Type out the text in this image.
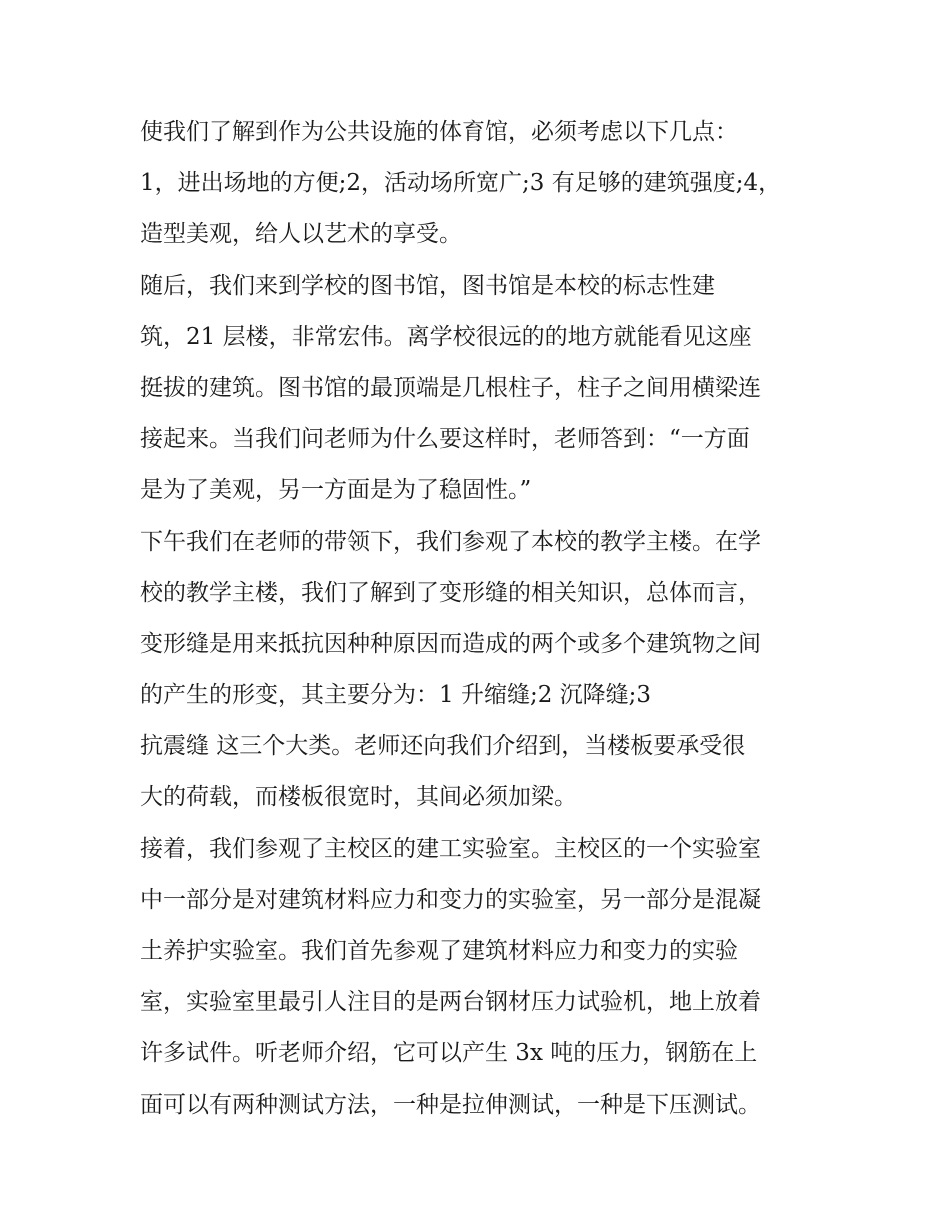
使我们了解到作为公共设施的体育馆，必须考虑以下几点：
1，进出场地的方便;2，活动场所宽广;3 有足够的建筑强度;4，
造型美观，给人以艺术的享受。
随后，我们来到学校的图书馆，图书馆是本校的标志性建
筑，21 层楼，非常宏伟。离学校很远的的地方就能看见这座
挺拔的建筑。图书馆的最顶端是几根柱子，柱子之间用横梁连
接起来。当我们问老师为什么要这样时，老师答到：“一方面
是为了美观，另一方面是为了稳固性。”
下午我们在老师的带领下，我们参观了本校的教学主楼。在学
校的教学主楼，我们了解到了变形缝的相关知识，总体而言，
变形缝是用来抵抗因种种原因而造成的两个或多个建筑物之间
的产生的形变，其主要分为：1 升缩缝;2 沉降缝;3
抗震缝 这三个大类。老师还向我们介绍到，当楼板要承受很
大的荷载，而楼板很宽时，其间必须加梁。
接着，我们参观了主校区的建工实验室。主校区的一个实验室
中一部分是对建筑材料应力和变力的实验室，另一部分是混凝
土养护实验室。我们首先参观了建筑材料应力和变力的实验
室，实验室里最引人注目的是两台钢材压力试验机，地上放着
许多试件。听老师介绍，它可以产生 3x 吨的压力，钢筋在上
面可以有两种测试方法，一种是拉伸测试，一种是下压测试。
